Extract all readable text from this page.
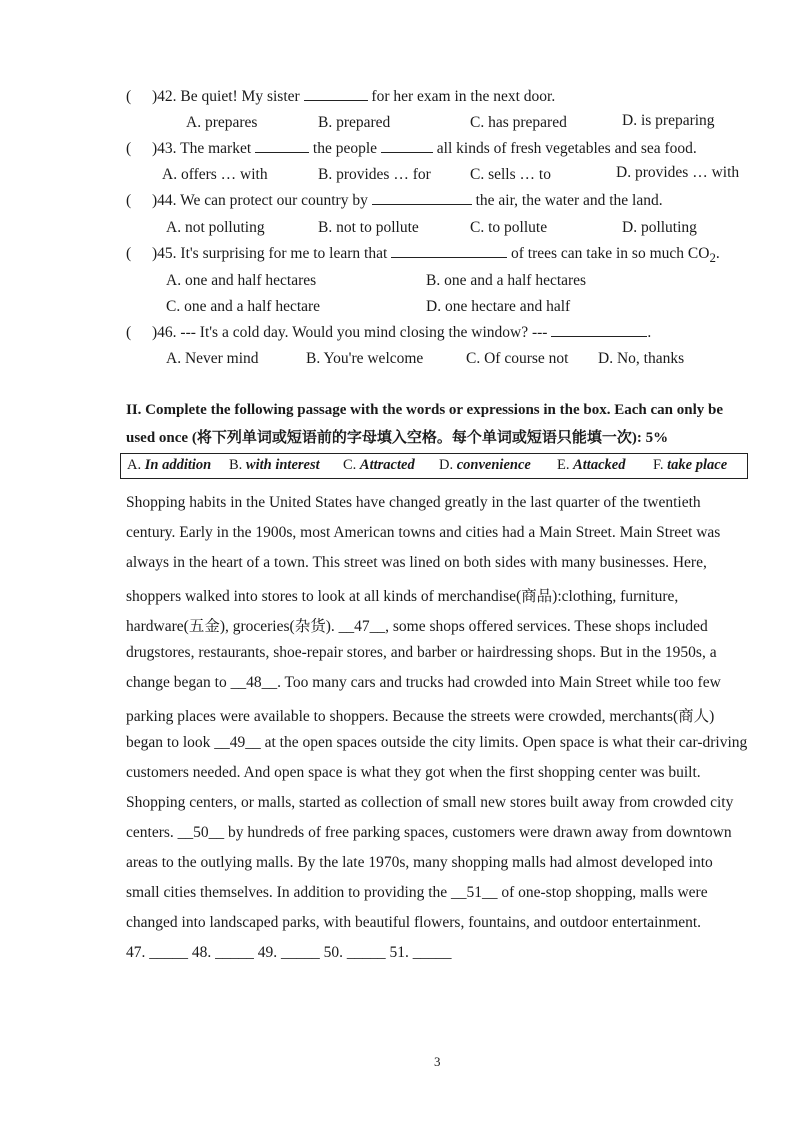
( )42. Be quiet! My sister	for her exam in the next door.
A. prepares	B. prepared	C. has prepared	D. is preparing
( )43. The market	the people	all kinds of fresh vegetables and sea food.
A. offers … with	B. provides … for	C. sells … to	D. provides … with
( )44. We can protect our country by	the air, the water and the land.
A. not polluting	B. not to pollute	C. to pollute	D. polluting
( )45. It's surprising for me to learn that	of trees can take in so much $CO_2$.
A. one and half hectares	B. one and a half hectares
C. one and a half hectare	D. one hectare and half
( )46. --- It's a cold day. Would you mind closing the window? ---	.
A. Never mind	B. You're welcome	C. Of course not D. No, thanks
II. Complete the following passage with the words or expressions in the box. Each can only be
used once (将下列单词或短语前的字母填入空格。每个单词或短语只能填一次): 5%
A. In addition B. with interest C. Attracted D. convenience E. Attacked F. take place
Shopping habits in the United States have changed greatly in the last quarter of the twentieth
century. Early in the 1900s, most American towns and cities had a Main Street. Main Street was
always in the heart of a town. This street was lined on both sides with many businesses. Here,
shoppers walked into stores to look at all kinds of merchandise(商品):clothing, furniture,
hardware(五金), groceries(杂货). __47__, some shops offered services. These shops included
drugstores, restaurants, shoe-repair stores, and barber or hairdressing shops. But in the 1950s, a
change began to __48__. Too many cars and trucks had crowded into Main Street while too few
parking places were available to shoppers. Because the streets were crowded, merchants(商人)
began to look __49__ at the open spaces outside the city limits. Open space is what their car-driving
customers needed. And open space is what they got when the first shopping center was built.
Shopping centers, or malls, started as collection of small new stores built away from crowded city
centers. __50__ by hundreds of free parking spaces, customers were drawn away from downtown
areas to the outlying malls. By the late 1970s, many shopping malls had almost developed into
small cities themselves. In addition to providing the __51__ of one-stop shopping, malls were
changed into landscaped parks, with beautiful flowers, fountains, and outdoor entertainment.
47. _____ 48. _____ 49. _____ 50. _____ 51. _____
3
